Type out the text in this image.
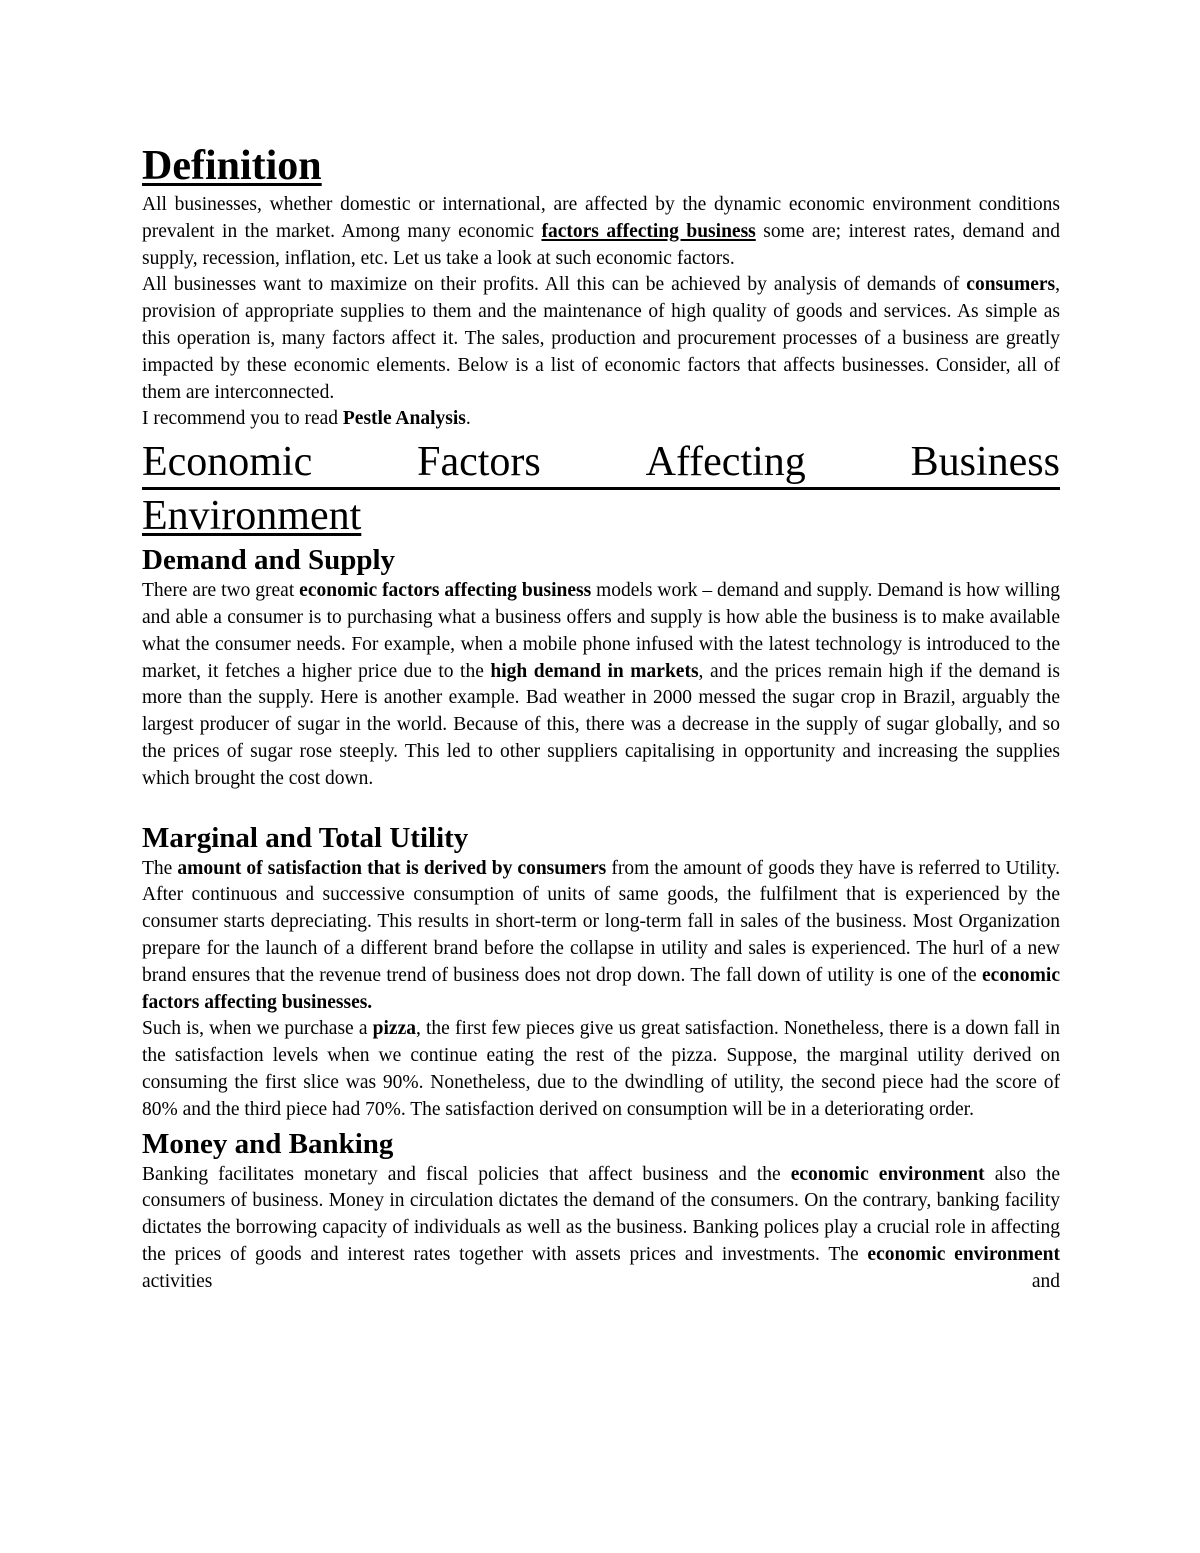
Definition

All businesses, whether domestic or international, are affected by the dynamic economic environment conditions prevalent in the market. Among many economic factors affecting business some are; interest rates, demand and supply, recession, inflation, etc. Let us take a look at such economic factors.

All businesses want to maximize on their profits. All this can be achieved by analysis of demands of consumers, provision of appropriate supplies to them and the maintenance of high quality of goods and services. As simple as this operation is, many factors affect it. The sales, production and procurement processes of a business are greatly impacted by these economic elements. Below is a list of economic factors that affects businesses. Consider, all of them are interconnected.

I recommend you to read Pestle Analysis.

Economic Factors Affecting Business
Environment
Demand and Supply

There are two great economic factors affecting business models work – demand and supply. Demand is how willing and able a consumer is to purchasing what a business offers and supply is how able the business is to make available what the consumer needs. For example, when a mobile phone infused with the latest technology is introduced to the market, it fetches a higher price due to the high demand in markets, and the prices remain high if the demand is more than the supply. Here is another example. Bad weather in 2000 messed the sugar crop in Brazil, arguably the largest producer of sugar in the world. Because of this, there was a decrease in the supply of sugar globally, and so the prices of sugar rose steeply. This led to other suppliers capitalising in opportunity and increasing the supplies which brought the cost down.

Marginal and Total Utility

The amount of satisfaction that is derived by consumers from the amount of goods they have is referred to Utility. After continuous and successive consumption of units of same goods, the fulfilment that is experienced by the consumer starts depreciating. This results in short-term or long-term fall in sales of the business. Most Organization prepare for the launch of a different brand before the collapse in utility and sales is experienced. The hurl of a new brand ensures that the revenue trend of business does not drop down. The fall down of utility is one of the economic factors affecting businesses.

Such is, when we purchase a pizza, the first few pieces give us great satisfaction. Nonetheless, there is a down fall in the satisfaction levels when we continue eating the rest of the pizza. Suppose, the marginal utility derived on consuming the first slice was 90%. Nonetheless, due to the dwindling of utility, the second piece had the score of 80% and the third piece had 70%. The satisfaction derived on consumption will be in a deteriorating order.

Money and Banking

Banking facilitates monetary and fiscal policies that affect business and the economic environment also the consumers of business. Money in circulation dictates the demand of the consumers. On the contrary, banking facility dictates the borrowing capacity of individuals as well as the business. Banking polices play a crucial role in affecting the prices of goods and interest rates together with assets prices and investments. The economic environment activities and
